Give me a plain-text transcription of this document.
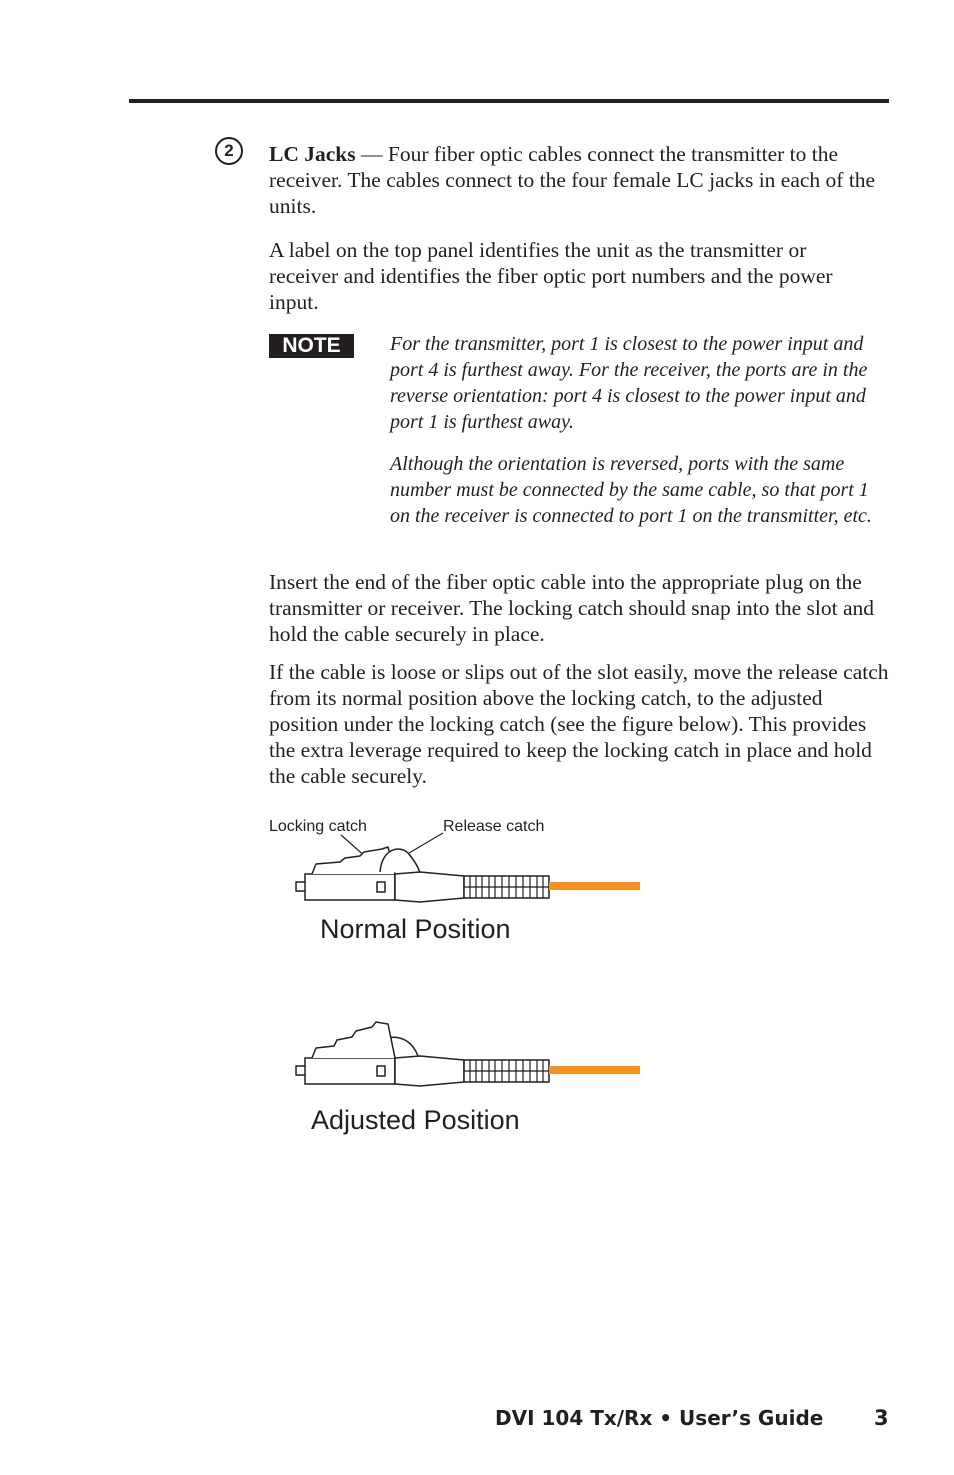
2	LC Jacks — Four fiber optic cables connect the transmitter to the receiver. The cables connect to the four female LC jacks in each of the units.

A label on the top panel identifies the unit as the transmitter or receiver and identifies the fiber optic port numbers and the power input.

NOTE	For the transmitter, port 1 is closest to the power input and port 4 is furthest away. For the receiver, the ports are in the reverse orientation: port 4 is closest to the power input and port 1 is furthest away.

Although the orientation is reversed, ports with the same number must be connected by the same cable, so that port 1 on the receiver is connected to port 1 on the transmitter, etc.

Insert the end of the fiber optic cable into the appropriate plug on the transmitter or receiver. The locking catch should snap into the slot and hold the cable securely in place.

If the cable is loose or slips out of the slot easily, move the release catch from its normal position above the locking catch, to the adjusted position under the locking catch (see the figure below). This provides the extra leverage required to keep the locking catch in place and hold the cable securely.

Locking catch	Release catch
Normal Position
Adjusted Position
DVI 104 Tx/Rx • User’s Guide 3
